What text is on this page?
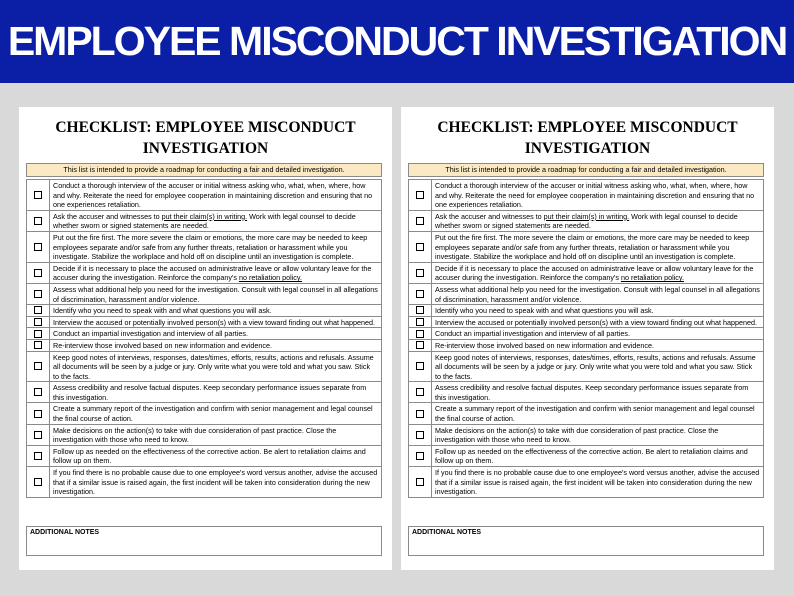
EMPLOYEE MISCONDUCT INVESTIGATION
CHECKLIST: EMPLOYEE MISCONDUCT
INVESTIGATION
This list is intended to provide a roadmap for conducting a fair and detailed investigation.
Conduct a thorough interview of the accuser or initial witness asking who, what, when, where, how and why. Reiterate the need for employee cooperation in maintaining discretion and ensuring that no one experiences retaliation.
Ask the accuser and witnesses to put their claim(s) in writing. Work with legal counsel to decide whether sworn or signed statements are needed.
Put out the fire first. The more severe the claim or emotions, the more care may be needed to keep employees separate and/or safe from any further threats, retaliation or harassment while you investigate. Stabilize the workplace and hold off on discipline until an investigation is complete.
Decide if it is necessary to place the accused on administrative leave or allow voluntary leave for the accuser during the investigation. Reinforce the company's no retaliation policy.
Assess what additional help you need for the investigation. Consult with legal counsel in all allegations of discrimination, harassment and/or violence.
Identify who you need to speak with and what questions you will ask.
Interview the accused or potentially involved person(s) with a view toward finding out what happened.
Conduct an impartial investigation and interview of all parties.
Re-interview those involved based on new information and evidence.
Keep good notes of interviews, responses, dates/times, efforts, results, actions and refusals. Assume all documents will be seen by a judge or jury. Only write what you were told and what you saw. Stick to the facts.
Assess credibility and resolve factual disputes. Keep secondary performance issues separate from this investigation.
Create a summary report of the investigation and confirm with senior management and legal counsel the final course of action.
Make decisions on the action(s) to take with due consideration of past practice. Close the investigation with those who need to know.
Follow up as needed on the effectiveness of the corrective action. Be alert to retaliation claims and follow up on them.
If you find there is no probable cause due to one employee's word versus another, advise the accused that if a similar issue is raised again, the first incident will be taken into consideration during the new investigation.
ADDITIONAL NOTES
CHECKLIST: EMPLOYEE MISCONDUCT
INVESTIGATION
This list is intended to provide a roadmap for conducting a fair and detailed investigation.
Conduct a thorough interview of the accuser or initial witness asking who, what, when, where, how and why. Reiterate the need for employee cooperation in maintaining discretion and ensuring that no one experiences retaliation.
Ask the accuser and witnesses to put their claim(s) in writing. Work with legal counsel to decide whether sworn or signed statements are needed.
Put out the fire first. The more severe the claim or emotions, the more care may be needed to keep employees separate and/or safe from any further threats, retaliation or harassment while you investigate. Stabilize the workplace and hold off on discipline until an investigation is complete.
Decide if it is necessary to place the accused on administrative leave or allow voluntary leave for the accuser during the investigation. Reinforce the company's no retaliation policy.
Assess what additional help you need for the investigation. Consult with legal counsel in all allegations of discrimination, harassment and/or violence.
Identify who you need to speak with and what questions you will ask.
Interview the accused or potentially involved person(s) with a view toward finding out what happened.
Conduct an impartial investigation and interview of all parties.
Re-interview those involved based on new information and evidence.
Keep good notes of interviews, responses, dates/times, efforts, results, actions and refusals. Assume all documents will be seen by a judge or jury. Only write what you were told and what you saw. Stick to the facts.
Assess credibility and resolve factual disputes. Keep secondary performance issues separate from this investigation.
Create a summary report of the investigation and confirm with senior management and legal counsel the final course of action.
Make decisions on the action(s) to take with due consideration of past practice. Close the investigation with those who need to know.
Follow up as needed on the effectiveness of the corrective action. Be alert to retaliation claims and follow up on them.
If you find there is no probable cause due to one employee's word versus another, advise the accused that if a similar issue is raised again, the first incident will be taken into consideration during the new investigation.
ADDITIONAL NOTES
